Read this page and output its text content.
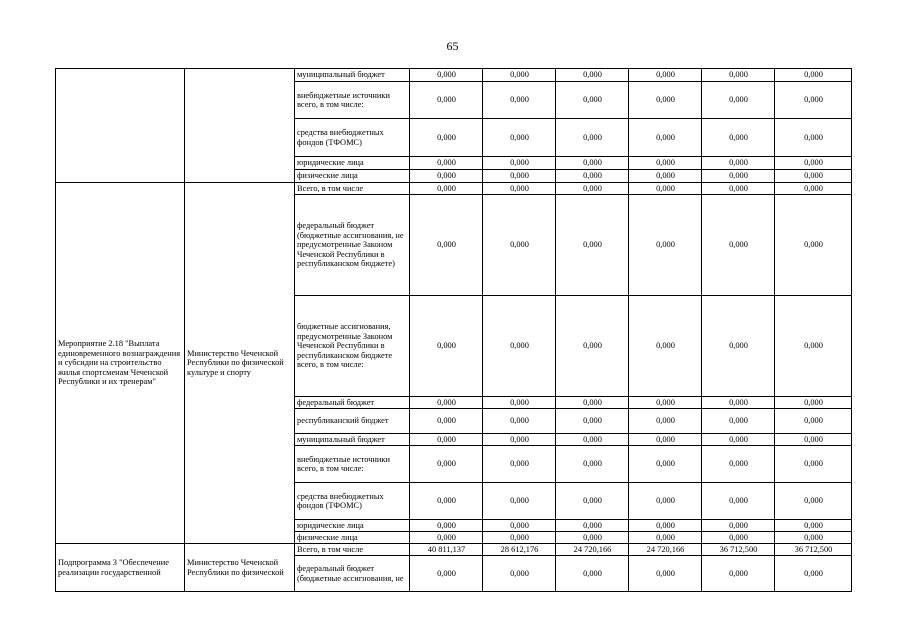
65
		муниципальный бюджет	0,000	0,000	0,000	0,000	0,000	0,000
		внебюджетные источники всего, в том числе:	0,000	0,000	0,000	0,000	0,000	0,000
		средства внебюджетных фондов (ТФОМС)	0,000	0,000	0,000	0,000	0,000	0,000
		юридические лица	0,000	0,000	0,000	0,000	0,000	0,000
		физические лица	0,000	0,000	0,000	0,000	0,000	0,000
Мероприятие 2.18 "Выплата единовременного вознаграждения и субсидии на строительство жилья спортсменам Чеченской Республики и их тренерам"	Министерство Чеченской Республики по физической культуре и спорту	Всего, в том числе	0,000	0,000	0,000	0,000	0,000	0,000
		федеральный бюджет (бюджетные ассигнования, не предусмотренные Законом Чеченской Республики в республиканском бюджете)	0,000	0,000	0,000	0,000	0,000	0,000
		бюджетные ассигнования, предусмотренные Законом Чеченской Республики в республиканском бюджете всего, в том числе:	0,000	0,000	0,000	0,000	0,000	0,000
		федеральный бюджет	0,000	0,000	0,000	0,000	0,000	0,000
		республиканский бюджет	0,000	0,000	0,000	0,000	0,000	0,000
		муниципальный бюджет	0,000	0,000	0,000	0,000	0,000	0,000
		внебюджетные источники всего, в том числе:	0,000	0,000	0,000	0,000	0,000	0,000
		средства внебюджетных фондов (ТФОМС)	0,000	0,000	0,000	0,000	0,000	0,000
		юридические лица	0,000	0,000	0,000	0,000	0,000	0,000
		физические лица	0,000	0,000	0,000	0,000	0,000	0,000
Подпрограмма 3 "Обеспечение реализации государственной	Министерство Чеченской Республики по физической	Всего, в том числе	40 811,137	28 612,176	24 720,166	24 720,166	36 712,500	36 712,500
		федеральный бюджет (бюджетные ассигнования, не	0,000	0,000	0,000	0,000	0,000	0,000
